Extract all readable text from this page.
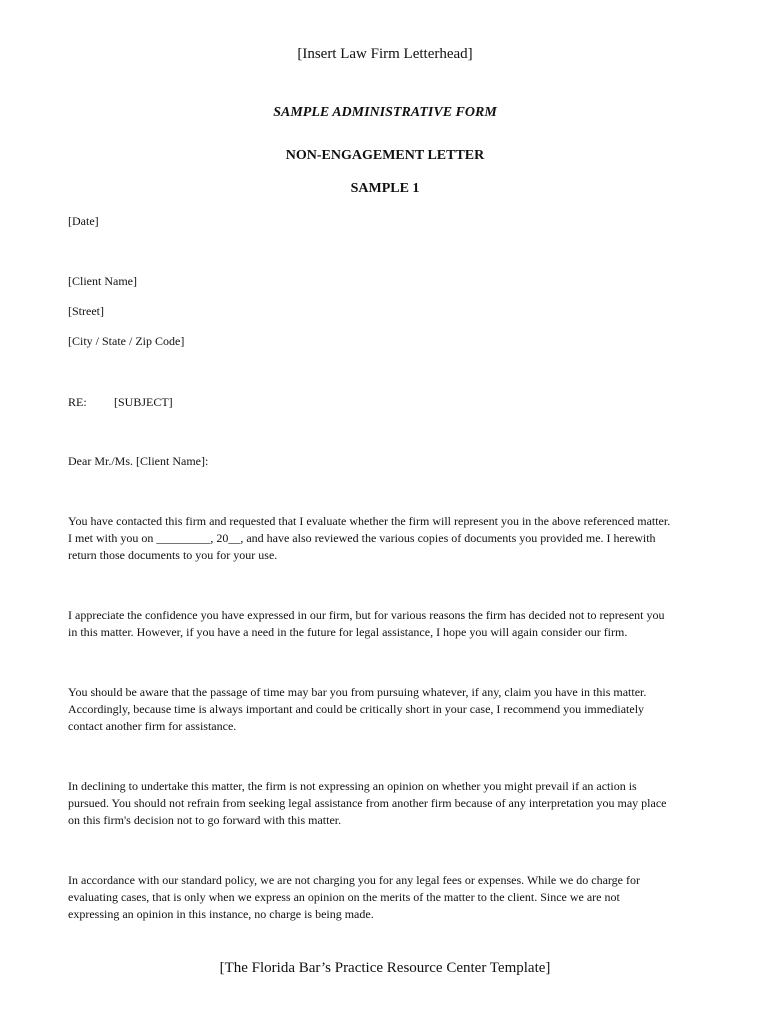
[Insert Law Firm Letterhead]
SAMPLE ADMINISTRATIVE FORM
NON-ENGAGEMENT LETTER
SAMPLE 1
[Date]
[Client Name]
[Street]
[City / State / Zip Code]
RE: [SUBJECT]
Dear Mr./Ms. [Client Name]:
You have contacted this firm and requested that I evaluate whether the firm will represent you in the above referenced matter.
I met with you on _________, 20__, and have also reviewed the various copies of documents you provided me. I herewith
return those documents to you for your use.
I appreciate the confidence you have expressed in our firm, but for various reasons the firm has decided not to represent you
in this matter. However, if you have a need in the future for legal assistance, I hope you will again consider our firm.
You should be aware that the passage of time may bar you from pursuing whatever, if any, claim you have in this matter.
Accordingly, because time is always important and could be critically short in your case, I recommend you immediately
contact another firm for assistance.
In declining to undertake this matter, the firm is not expressing an opinion on whether you might prevail if an action is
pursued. You should not refrain from seeking legal assistance from another firm because of any interpretation you may place
on this firm's decision not to go forward with this matter.
In accordance with our standard policy, we are not charging you for any legal fees or expenses. While we do charge for
evaluating cases, that is only when we express an opinion on the merits of the matter to the client. Since we are not
expressing an opinion in this instance, no charge is being made.
[The Florida Bar’s Practice Resource Center Template]
